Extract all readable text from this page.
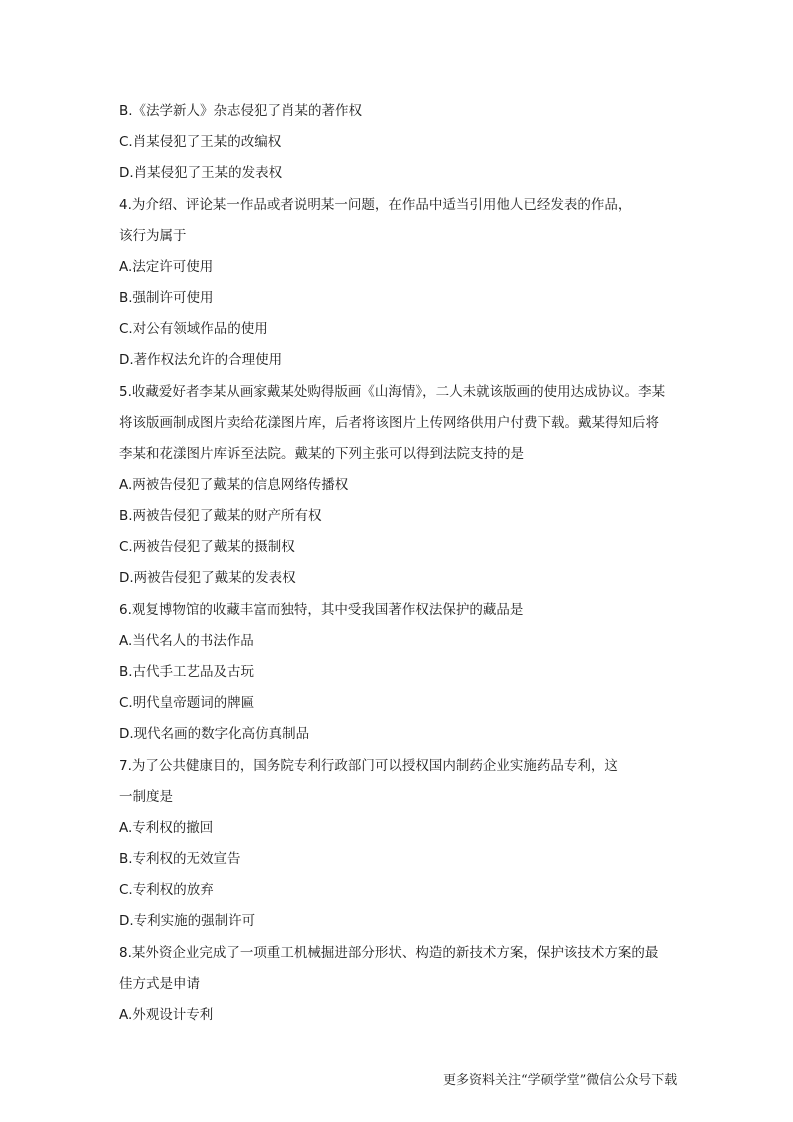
B.《法学新人》杂志侵犯了肖某的著作权
C.肖某侵犯了王某的改编权
D.肖某侵犯了王某的发表权
4.为介绍、评论某一作品或者说明某一问题，在作品中适当引用他人已经发表的作品，
该行为属于
A.法定许可使用
B.强制许可使用
C.对公有领域作品的使用
D.著作权法允许的合理使用
5.收藏爱好者李某从画家戴某处购得版画《山海情》，二人未就该版画的使用达成协议。李某
将该版画制成图片卖给花漾图片库，后者将该图片上传网络供用户付费下载。戴某得知后将
李某和花漾图片库诉至法院。戴某的下列主张可以得到法院支持的是
A.两被告侵犯了戴某的信息网络传播权
B.两被告侵犯了戴某的财产所有权
C.两被告侵犯了戴某的摄制权
D.两被告侵犯了戴某的发表权
6.观复博物馆的收藏丰富而独特，其中受我国著作权法保护的藏品是
A.当代名人的书法作品
B.古代手工艺品及古玩
C.明代皇帝题词的牌匾
D.现代名画的数字化高仿真制品
7.为了公共健康目的，国务院专利行政部门可以授权国内制药企业实施药品专利，这
一制度是
A.专利权的撤回
B.专利权的无效宣告
C.专利权的放弃
D.专利实施的强制许可
8.某外资企业完成了一项重工机械掘进部分形状、构造的新技术方案，保护该技术方案的最
佳方式是申请
A.外观设计专利
更多资料关注“学硕学堂”微信公众号下载
